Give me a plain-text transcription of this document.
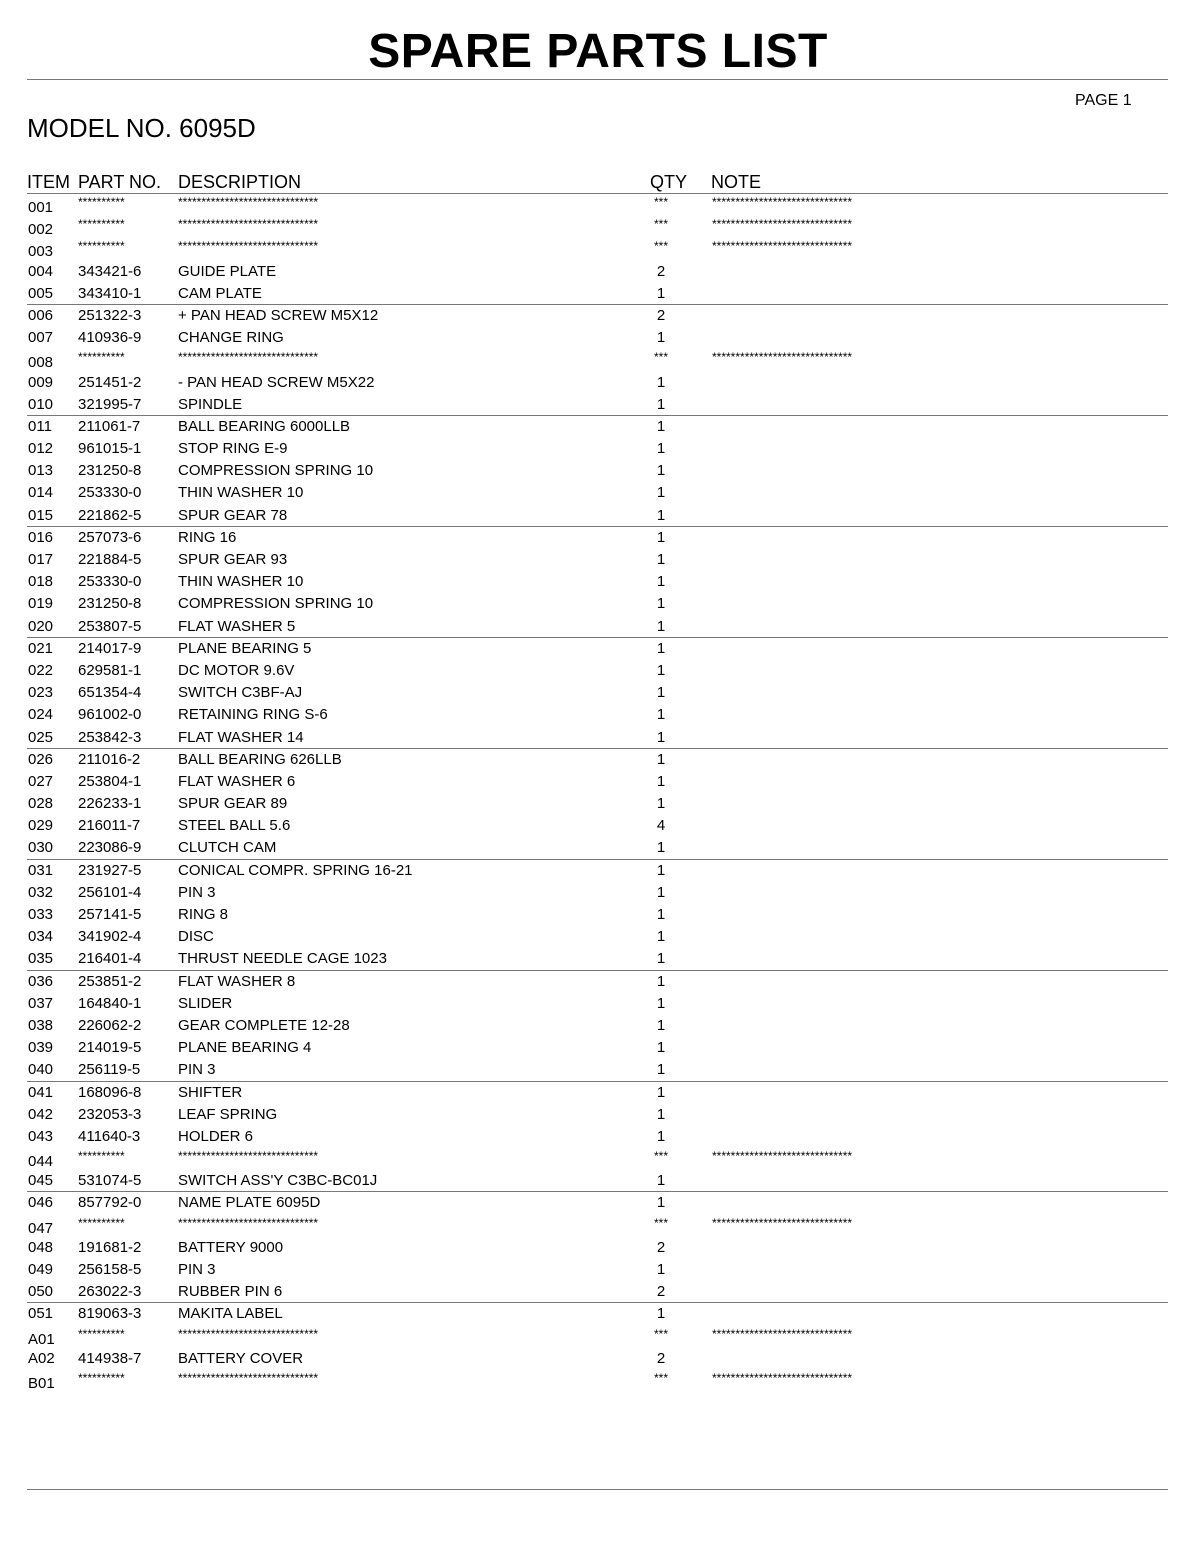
SPARE PARTS LIST
PAGE 1
MODEL NO. 6095D
ITEM PART NO. DESCRIPTION	QTY NOTE
001 **********	******************************	***	******************************
002 **********	******************************	***	******************************
003 **********	******************************	***	******************************
004 343421-6 GUIDE PLATE	2
005 343410-1 CAM PLATE	1
006 251322-3 + PAN HEAD SCREW M5X12	2
007 410936-9 CHANGE RING	1
008 **********	******************************	***	******************************
009 251451-2 - PAN HEAD SCREW M5X22	1
010 321995-7 SPINDLE	1
011 211061-7	BALL BEARING 6000LLB	1
012 961015-1 STOP RING E-9	1
013 231250-8 COMPRESSION SPRING 10	1
014 253330-0 THIN WASHER 10	1
015 221862-5 SPUR GEAR 78	1
016 257073-6 RING 16	1
017 221884-5 SPUR GEAR 93	1
018 253330-0 THIN WASHER 10	1
019 231250-8 COMPRESSION SPRING 10	1
020 253807-5 FLAT WASHER 5	1
021 214017-9 PLANE BEARING 5	1
022 629581-1 DC MOTOR 9.6V	1
023 651354-4 SWITCH C3BF-AJ	1
024 961002-0 RETAINING RING S-6	1
025 253842-3 FLAT WASHER 14	1
026 211016-2	BALL BEARING 626LLB	1
027 253804-1 FLAT WASHER 6	1
028 226233-1 SPUR GEAR 89	1
029 216011-7	STEEL BALL 5.6	4
030 223086-9 CLUTCH CAM	1
031 231927-5 CONICAL COMPR. SPRING 16-21	1
032 256101-4 PIN 3	1
033 257141-5 RING 8	1
034 341902-4 DISC	1
035 216401-4 THRUST NEEDLE CAGE 1023	1
036 253851-2 FLAT WASHER 8	1
037 164840-1 SLIDER	1
038 226062-2 GEAR COMPLETE 12-28	1
039 214019-5 PLANE BEARING 4	1
040 256119-5	PIN 3	1
041 168096-8 SHIFTER	1
042 232053-3 LEAF SPRING	1
043 411640-3	HOLDER 6	1
044 **********	******************************	***	******************************
045 531074-5 SWITCH ASS'Y C3BC-BC01J	1
046 857792-0 NAME PLATE 6095D	1
047 **********	******************************	***	******************************
048 191681-2 BATTERY 9000	2
049 256158-5 PIN 3	1
050 263022-3 RUBBER PIN 6	2
051 819063-3 MAKITA LABEL	1
A01 **********	******************************	***	******************************
A02 414938-7 BATTERY COVER	2
B01 **********	******************************	***	******************************
